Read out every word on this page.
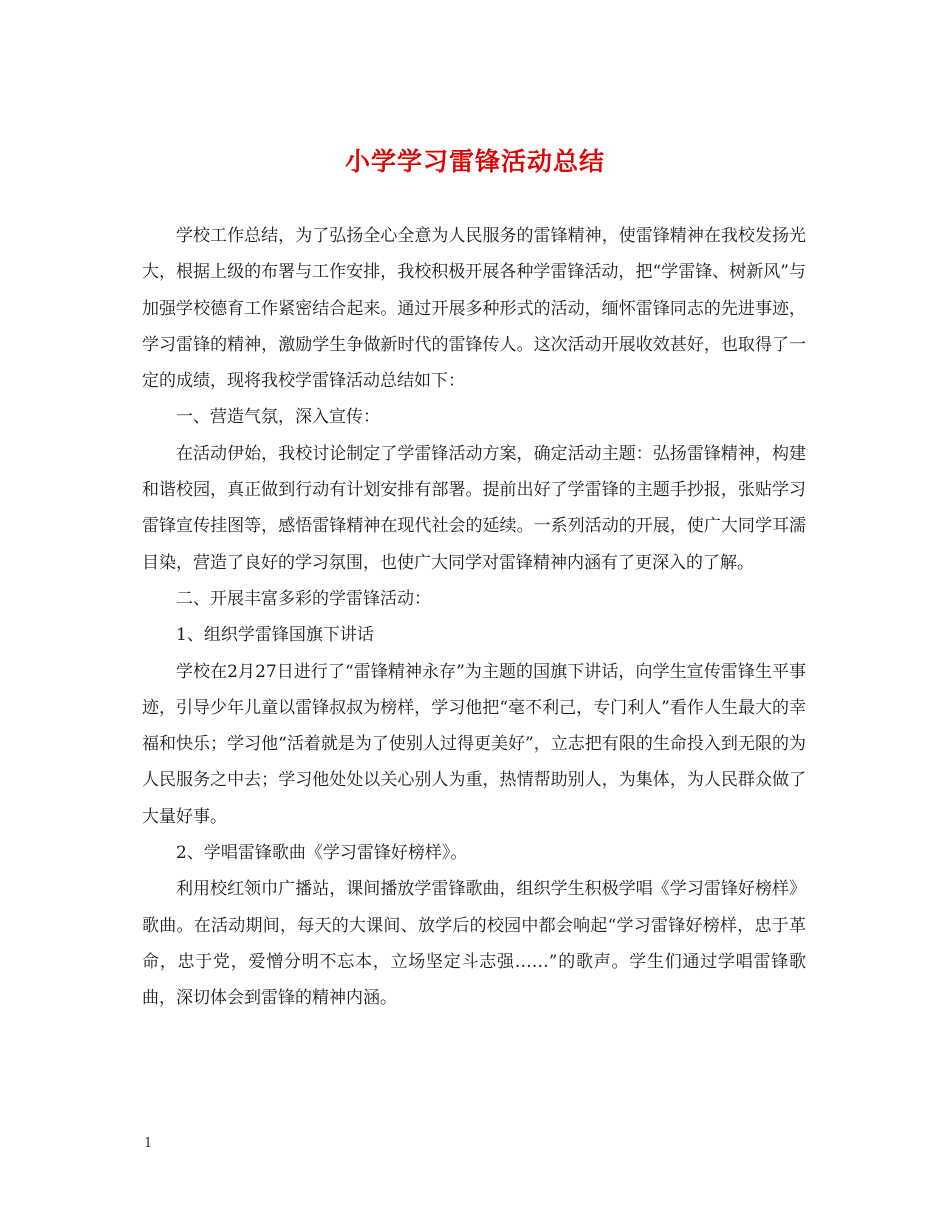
小学学习雷锋活动总结

学校工作总结，为了弘扬全心全意为人民服务的雷锋精神，使雷锋精神在我校发扬光大，根据上级的布署与工作安排，我校积极开展各种学雷锋活动，把“学雷锋、树新风”与加强学校德育工作紧密结合起来。通过开展多种形式的活动，缅怀雷锋同志的先进事迹，学习雷锋的精神，激励学生争做新时代的雷锋传人。这次活动开展收效甚好，也取得了一定的成绩，现将我校学雷锋活动总结如下：

一、营造气氛，深入宣传：

在活动伊始，我校讨论制定了学雷锋活动方案，确定活动主题：弘扬雷锋精神，构建和谐校园，真正做到行动有计划安排有部署。提前出好了学雷锋的主题手抄报，张贴学习雷锋宣传挂图等，感悟雷锋精神在现代社会的延续。一系列活动的开展，使广大同学耳濡目染，营造了良好的学习氛围，也使广大同学对雷锋精神内涵有了更深入的了解。

二、开展丰富多彩的学雷锋活动：

1、组织学雷锋国旗下讲话

学校在2月27日进行了“雷锋精神永存”为主题的国旗下讲话，向学生宣传雷锋生平事迹，引导少年儿童以雷锋叔叔为榜样，学习他把“毫不利己，专门利人”看作人生最大的幸福和快乐；学习他“活着就是为了使别人过得更美好”，立志把有限的生命投入到无限的为人民服务之中去；学习他处处以关心别人为重，热情帮助别人，为集体，为人民群众做了大量好事。

2、学唱雷锋歌曲《学习雷锋好榜样》。

利用校红领巾广播站，课间播放学雷锋歌曲，组织学生积极学唱《学习雷锋好榜样》歌曲。在活动期间，每天的大课间、放学后的校园中都会响起“学习雷锋好榜样，忠于革命，忠于党，爱憎分明不忘本，立场坚定斗志强……”的歌声。学生们通过学唱雷锋歌曲，深切体会到雷锋的精神内涵。

1
